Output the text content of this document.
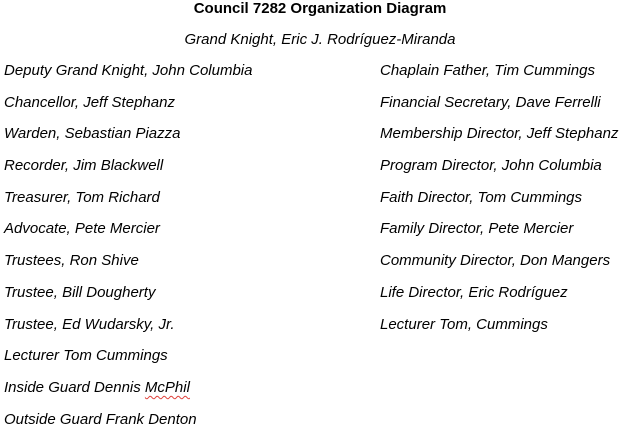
Council 7282 Organization Diagram
Grand Knight, Eric J. Rodríguez-Miranda
Deputy Grand Knight, John Columbia
Chancellor, Jeff Stephanz
Warden, Sebastian Piazza
Recorder, Jim Blackwell
Treasurer, Tom Richard
Advocate, Pete Mercier
Trustees, Ron Shive
Trustee, Bill Dougherty
Trustee, Ed Wudarsky, Jr.
Lecturer Tom Cummings
Inside Guard Dennis McPhil
Outside Guard Frank Denton
Chaplain Father, Tim Cummings
Financial Secretary, Dave Ferrelli
Membership Director, Jeff Stephanz
Program Director, John Columbia
Faith Director, Tom Cummings
Family Director, Pete Mercier
Community Director, Don Mangers
Life Director, Eric Rodríguez
Lecturer Tom, Cummings
